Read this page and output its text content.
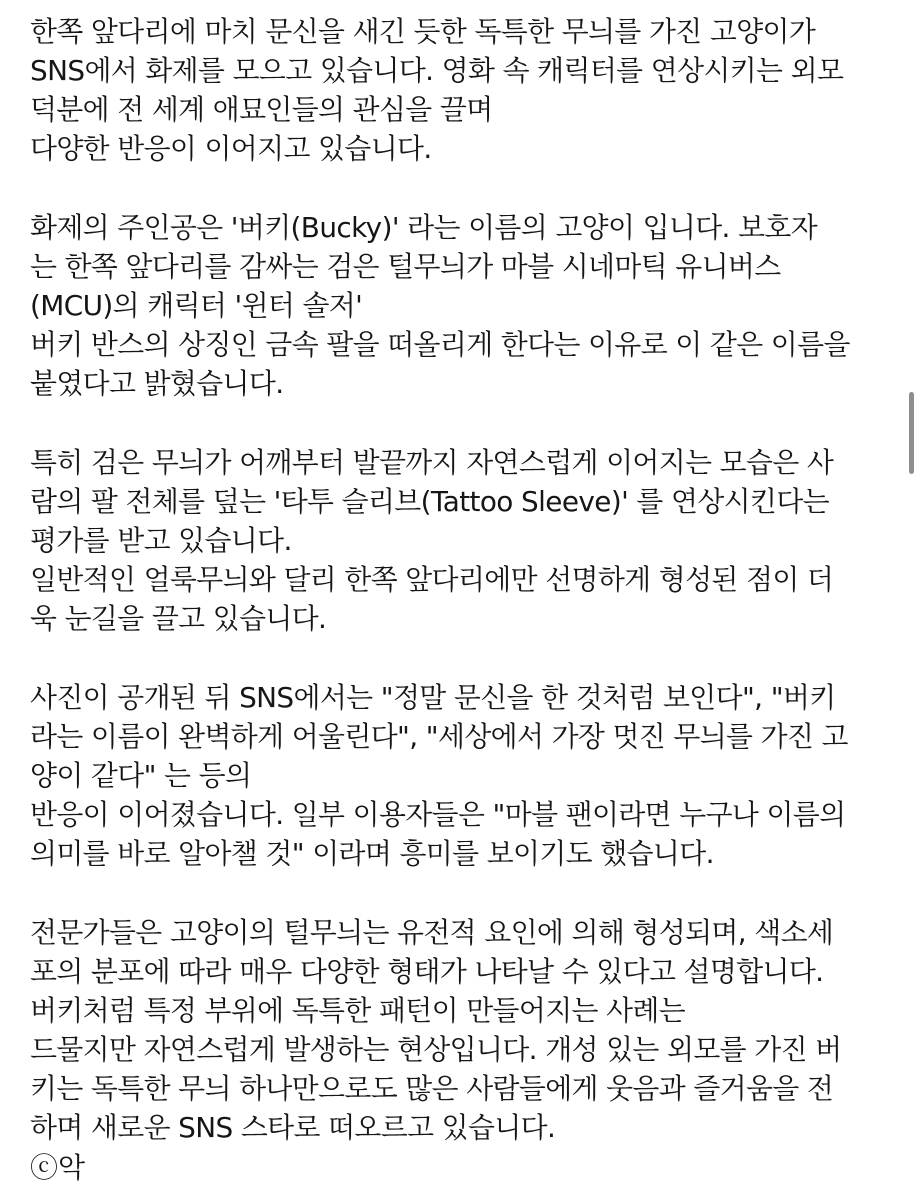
한쪽 앞다리에 마치 문신을 새긴 듯한 독특한 무늬를 가진 고양이가
SNS에서 화제를 모으고 있습니다. 영화 속 캐릭터를 연상시키는 외모
덕분에 전 세계 애묘인들의 관심을 끌며
다양한 반응이 이어지고 있습니다.
화제의 주인공은 '버키(Bucky)' 라는 이름의 고양이 입니다. 보호자
는 한쪽 앞다리를 감싸는 검은 털무늬가 마블 시네마틱 유니버스
(MCU)의 캐릭터 '윈터 솔저'
버키 반스의 상징인 금속 팔을 떠올리게 한다는 이유로 이 같은 이름을
붙였다고 밝혔습니다.
특히 검은 무늬가 어깨부터 발끝까지 자연스럽게 이어지는 모습은 사
람의 팔 전체를 덮는 '타투 슬리브(Tattoo Sleeve)' 를 연상시킨다는
평가를 받고 있습니다.
일반적인 얼룩무늬와 달리 한쪽 앞다리에만 선명하게 형성된 점이 더
욱 눈길을 끌고 있습니다.
사진이 공개된 뒤 SNS에서는 "정말 문신을 한 것처럼 보인다", "버키
라는 이름이 완벽하게 어울린다", "세상에서 가장 멋진 무늬를 가진 고
양이 같다" 는 등의
반응이 이어졌습니다. 일부 이용자들은 "마블 팬이라면 누구나 이름의
의미를 바로 알아챌 것" 이라며 흥미를 보이기도 했습니다.
전문가들은 고양이의 털무늬는 유전적 요인에 의해 형성되며, 색소세
포의 분포에 따라 매우 다양한 형태가 나타날 수 있다고 설명합니다.
버키처럼 특정 부위에 독특한 패턴이 만들어지는 사례는
드물지만 자연스럽게 발생하는 현상입니다. 개성 있는 외모를 가진 버
키는 독특한 무늬 하나만으로도 많은 사람들에게 웃음과 즐거움을 전
하며 새로운 SNS 스타로 떠오르고 있습니다.
ⓒ악
